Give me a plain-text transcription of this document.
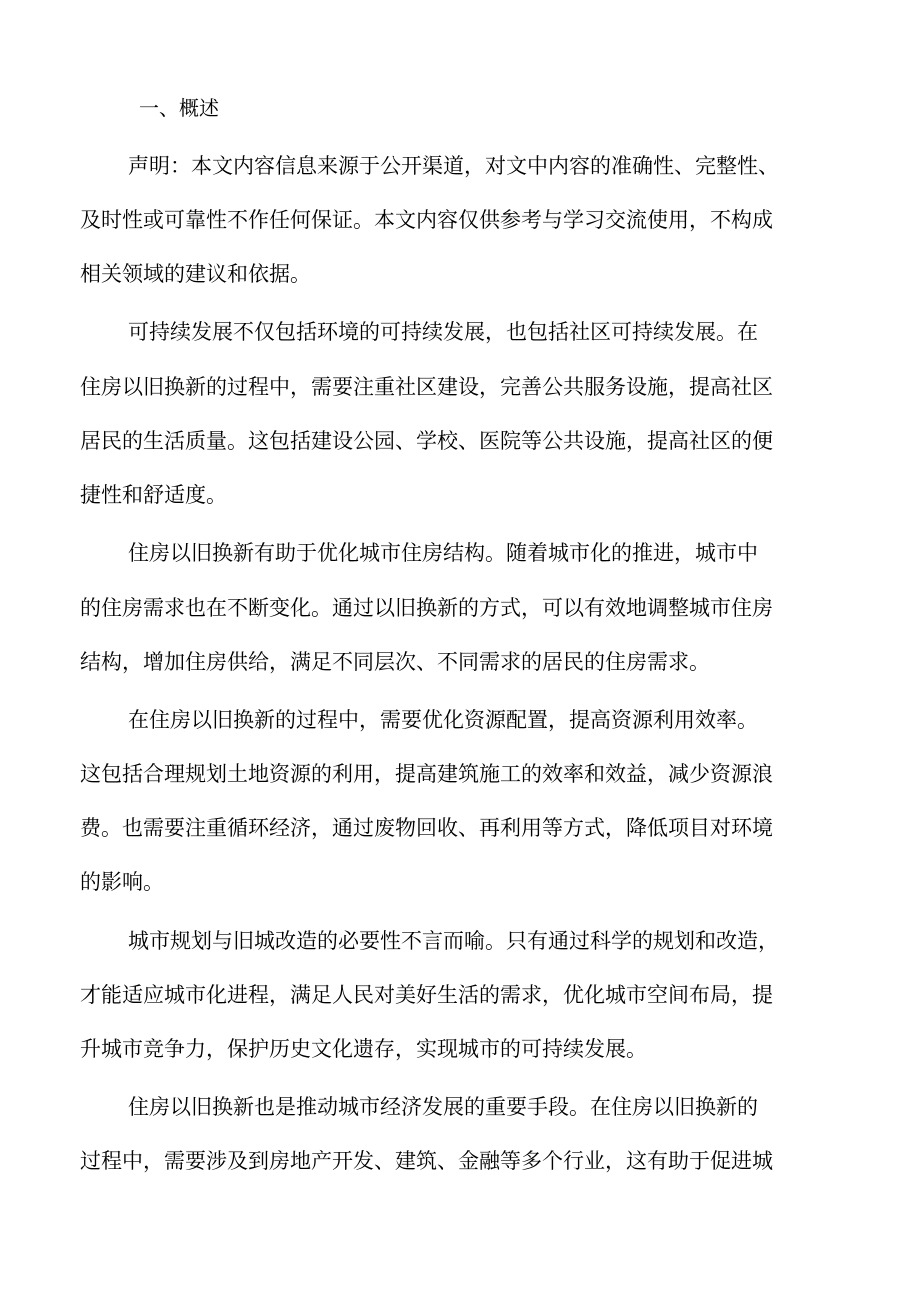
一、概述
声明：本文内容信息来源于公开渠道，对文中内容的准确性、完整性、
及时性或可靠性不作任何保证。本文内容仅供参考与学习交流使用，不构成
相关领域的建议和依据。
可持续发展不仅包括环境的可持续发展，也包括社区可持续发展。在
住房以旧换新的过程中，需要注重社区建设，完善公共服务设施，提高社区
居民的生活质量。这包括建设公园、学校、医院等公共设施，提高社区的便
捷性和舒适度。
住房以旧换新有助于优化城市住房结构。随着城市化的推进，城市中
的住房需求也在不断变化。通过以旧换新的方式，可以有效地调整城市住房
结构，增加住房供给，满足不同层次、不同需求的居民的住房需求。
在住房以旧换新的过程中，需要优化资源配置，提高资源利用效率。
这包括合理规划土地资源的利用，提高建筑施工的效率和效益，减少资源浪
费。也需要注重循环经济，通过废物回收、再利用等方式，降低项目对环境
的影响。
城市规划与旧城改造的必要性不言而喻。只有通过科学的规划和改造，
才能适应城市化进程，满足人民对美好生活的需求，优化城市空间布局，提
升城市竞争力，保护历史文化遗存，实现城市的可持续发展。
住房以旧换新也是推动城市经济发展的重要手段。在住房以旧换新的
过程中，需要涉及到房地产开发、建筑、金融等多个行业，这有助于促进城
